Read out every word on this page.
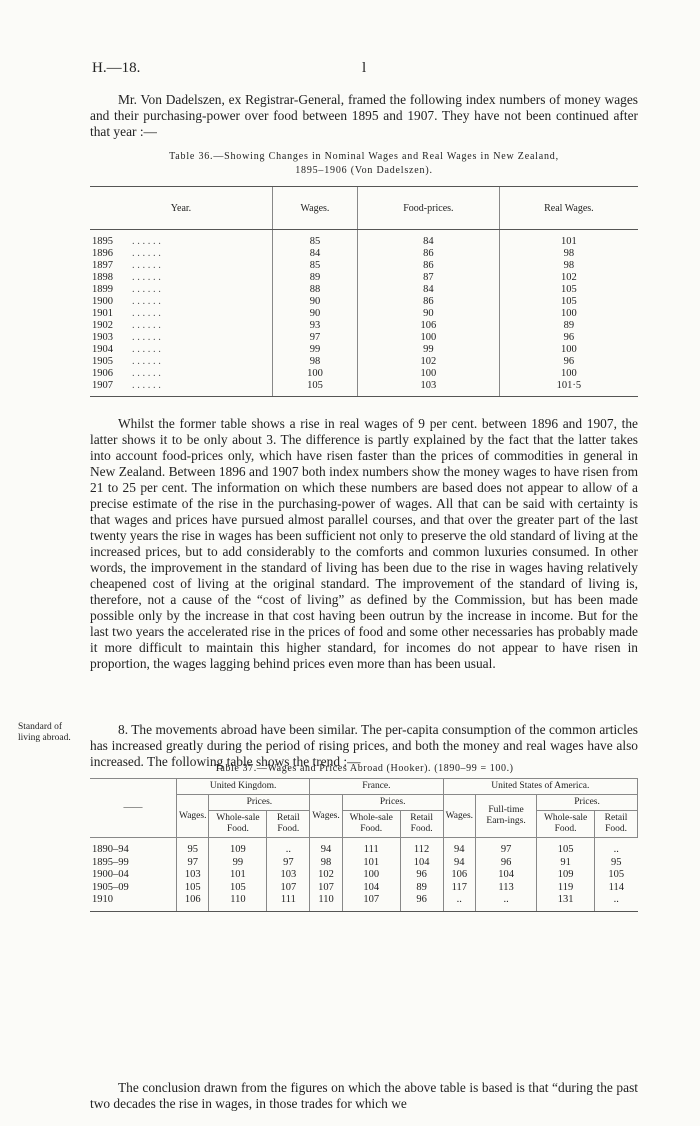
H.—18.	l

Mr. Von Dadelszen, ex Registrar-General, framed the following index numbers of money wages and their purchasing-power over food between 1895 and 1907. They have not been continued after that year :—

Table 36.—Showing Changes in Nominal Wages and Real Wages in New Zealand,

1895–1906 (Von Dadelszen).

Year.		Wages.	Food-prices.	Real Wages.
1895	. . . . . .	85	84	101
1896	. . . . . .	84	86	98
1897	. . . . . .	85	86	98
1898	. . . . . .	89	87	102
1899	. . . . . .	88	84	105
1900	. . . . . .	90	86	105
1901	. . . . . .	90	90	100
1902	. . . . . .	93	106	89
1903	. . . . . .	97	100	96
1904	. . . . . .	99	99	100
1905	. . . . . .	98	102	96
1906	. . . . . .	100	100	100
1907	. . . . . .	105	103	101·5

Whilst the former table shows a rise in real wages of 9 per cent. between 1896 and 1907, the latter shows it to be only about 3. The difference is partly explained by the fact that the latter takes into account food-prices only, which have risen faster than the prices of commodities in general in New Zealand. Between 1896 and 1907 both index numbers show the money wages to have risen from 21 to 25 per cent. The information on which these numbers are based does not appear to allow of a precise estimate of the rise in the purchasing-power of wages. All that can be said with certainty is that wages and prices have pursued almost parallel courses, and that over the greater part of the last twenty years the rise in wages has been sufficient not only to preserve the old standard of living at the increased prices, but to add considerably to the comforts and common luxuries consumed. In other words, the improvement in the standard of living has been due to the rise in wages having relatively cheapened cost of living at the original standard. The improvement of the standard of living is, therefore, not a cause of the “cost of living” as defined by the Commission, but has been made possible only by the increase in that cost having been outrun by the increase in income. But for the last two years the accelerated rise in the prices of food and some other necessaries has probably made it more difficult to maintain this higher standard, for incomes do not appear to have risen in proportion, the wages lagging behind prices even more than has been usual.

Standard of living abroad.

8. The movements abroad have been similar. The per-capita consumption of the common articles has increased greatly during the period of rising prices, and both the money and real wages have also increased. The following table shows the trend :—

Table 37.—Wages and Prices Abroad (Hooker). (1890–99 = 100.)

——	United Kingdom.			France.			United States of America.			
	Wages.	Prices.		Wages.	Prices.		Wages.	Full-time Earn-ings.	Prices.	
		Whole-sale Food.	Retail Food.		Whole-sale Food.	Retail Food.			Whole-sale Food.	Retail Food.
1890–94	95	109	..	94	111	112	94	97	105	..
1895–99	97	99	97	98	101	104	94	96	91	95
1900–04	103	101	103	102	100	96	106	104	109	105
1905–09	105	105	107	107	104	89	117	113	119	114
1910	106	110	111	110	107	96	..	..	131	..

The conclusion drawn from the figures on which the above table is based is that “during the past two decades the rise in wages, in those trades for which we
